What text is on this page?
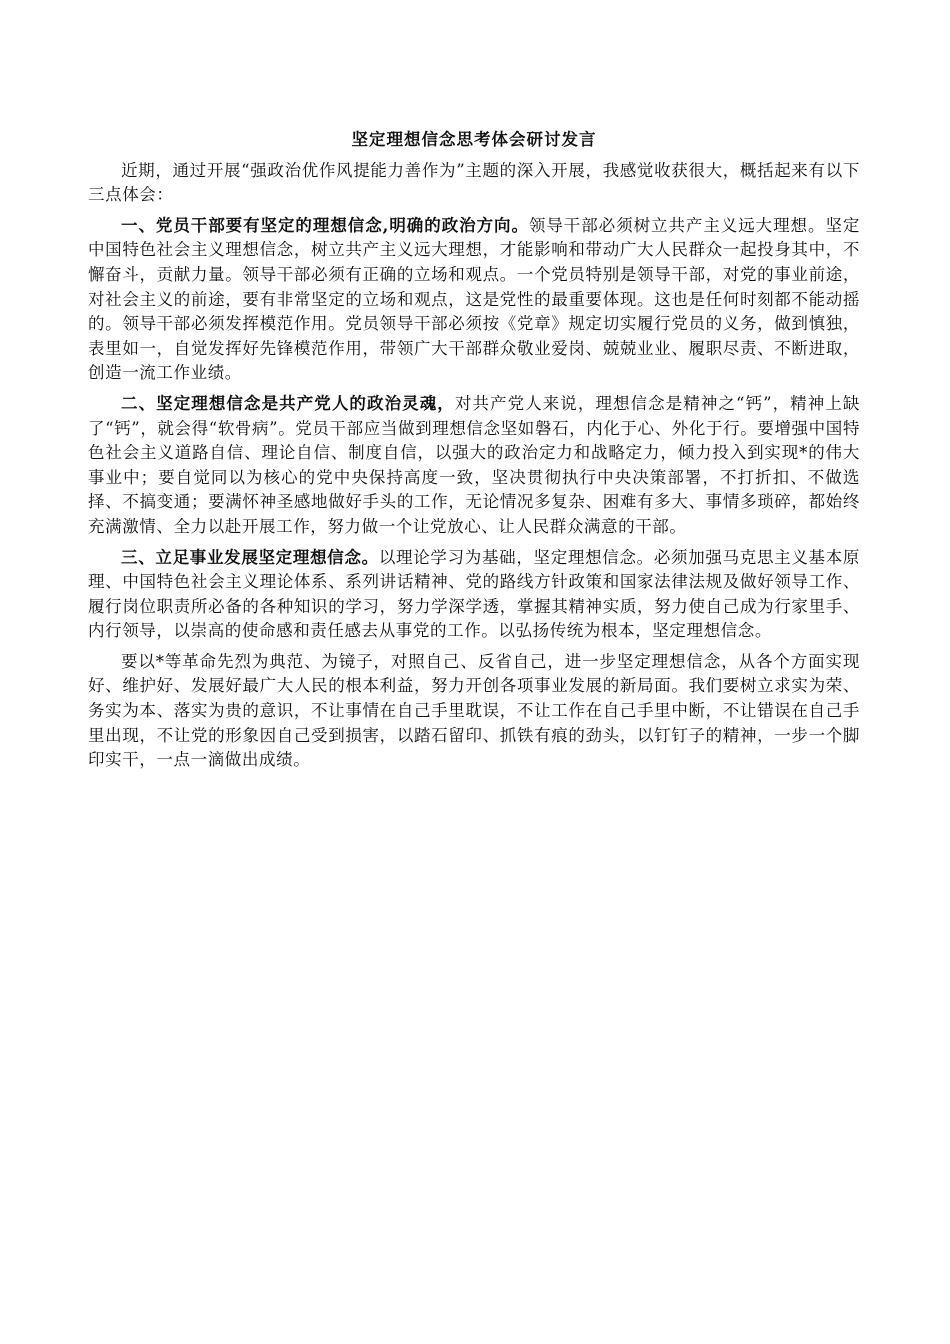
坚定理想信念思考体会研讨发言

近期，通过开展“强政治优作风提能力善作为”主题的深入开展，我感觉收获很大，概括起来有以下三点体会：

一、党员干部要有坚定的理想信念,明确的政治方向。领导干部必须树立共产主义远大理想。坚定中国特色社会主义理想信念，树立共产主义远大理想，才能影响和带动广大人民群众一起投身其中，不懈奋斗，贡献力量。领导干部必须有正确的立场和观点。一个党员特别是领导干部，对党的事业前途，对社会主义的前途，要有非常坚定的立场和观点，这是党性的最重要体现。这也是任何时刻都不能动摇的。领导干部必须发挥模范作用。党员领导干部必须按《党章》规定切实履行党员的义务，做到慎独，表里如一，自觉发挥好先锋模范作用，带领广大干部群众敬业爱岗、兢兢业业、履职尽责、不断进取，创造一流工作业绩。

二、坚定理想信念是共产党人的政治灵魂，对共产党人来说，理想信念是精神之“钙”，精神上缺了“钙”，就会得“软骨病”。党员干部应当做到理想信念坚如磐石，内化于心、外化于行。要增强中国特色社会主义道路自信、理论自信、制度自信，以强大的政治定力和战略定力，倾力投入到实现*的伟大事业中；要自觉同以为核心的党中央保持高度一致，坚决贯彻执行中央决策部署，不打折扣、不做选择、不搞变通；要满怀神圣感地做好手头的工作，无论情况多复杂、困难有多大、事情多琐碎，都始终充满激情、全力以赴开展工作，努力做一个让党放心、让人民群众满意的干部。

三、立足事业发展坚定理想信念。以理论学习为基础，坚定理想信念。必须加强马克思主义基本原理、中国特色社会主义理论体系、系列讲话精神、党的路线方针政策和国家法律法规及做好领导工作、履行岗位职责所必备的各种知识的学习，努力学深学透，掌握其精神实质，努力使自己成为行家里手、内行领导，以崇高的使命感和责任感去从事党的工作。以弘扬传统为根本，坚定理想信念。

要以*等革命先烈为典范、为镜子，对照自己、反省自己，进一步坚定理想信念，从各个方面实现好、维护好、发展好最广大人民的根本利益，努力开创各项事业发展的新局面。我们要树立求实为荣、务实为本、落实为贵的意识，不让事情在自己手里耽误，不让工作在自己手里中断，不让错误在自己手里出现，不让党的形象因自己受到损害，以踏石留印、抓铁有痕的劲头，以钉钉子的精神，一步一个脚印实干，一点一滴做出成绩。
